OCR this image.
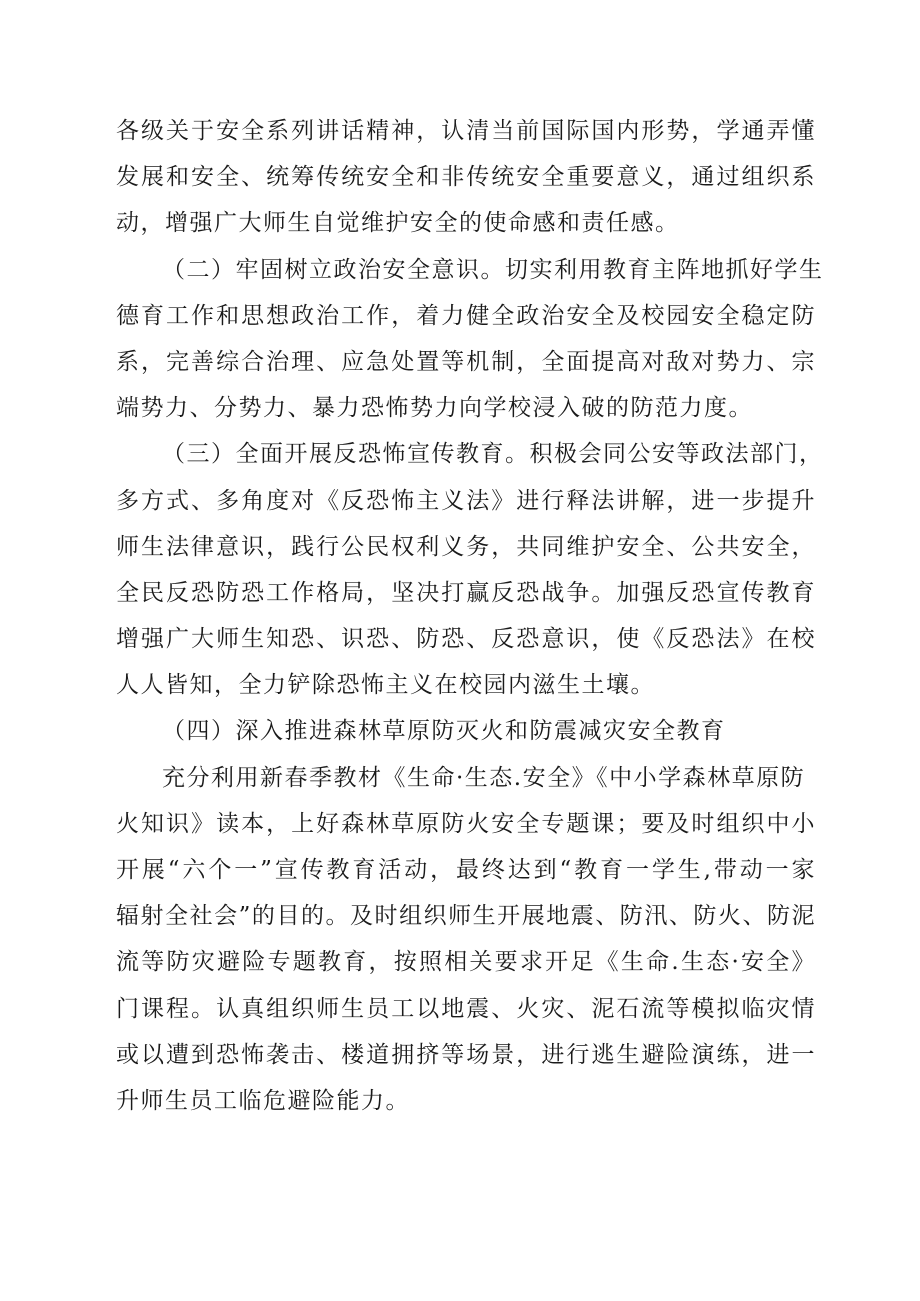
各级关于安全系列讲话精神，认清当前国际国内形势，学通弄懂
发展和安全、统筹传统安全和非传统安全重要意义，通过组织系
动，增强广大师生自觉维护安全的使命感和责任感。
（二）牢固树立政治安全意识。切实利用教育主阵地抓好学生
德育工作和思想政治工作，着力健全政治安全及校园安全稳定防
系，完善综合治理、应急处置等机制，全面提高对敌对势力、宗
端势力、分势力、暴力恐怖势力向学校浸入破的防范力度。
（三）全面开展反恐怖宣传教育。积极会同公安等政法部门，
多方式、多角度对《反恐怖主义法》进行释法讲解，进一步提升
师生法律意识，践行公民权利义务，共同维护安全、公共安全，
全民反恐防恐工作格局，坚决打赢反恐战争。加强反恐宣传教育
增强广大师生知恐、识恐、防恐、反恐意识，使《反恐法》在校
人人皆知，全力铲除恐怖主义在校园内滋生土壤。
（四）深入推进森林草原防灭火和防震减灾安全教育
充分利用新春季教材《生命·生态.安全》《中小学森林草原防
火知识》读本，上好森林草原防火安全专题课；要及时组织中小
开展“六个一”宣传教育活动，最终达到“教育一学生,带动一家
辐射全社会”的目的。及时组织师生开展地震、防汛、防火、防泥
流等防灾避险专题教育，按照相关要求开足《生命.生态·安全》
门课程。认真组织师生员工以地震、火灾、泥石流等模拟临灾情
或以遭到恐怖袭击、楼道拥挤等场景，进行逃生避险演练，进一
升师生员工临危避险能力。
